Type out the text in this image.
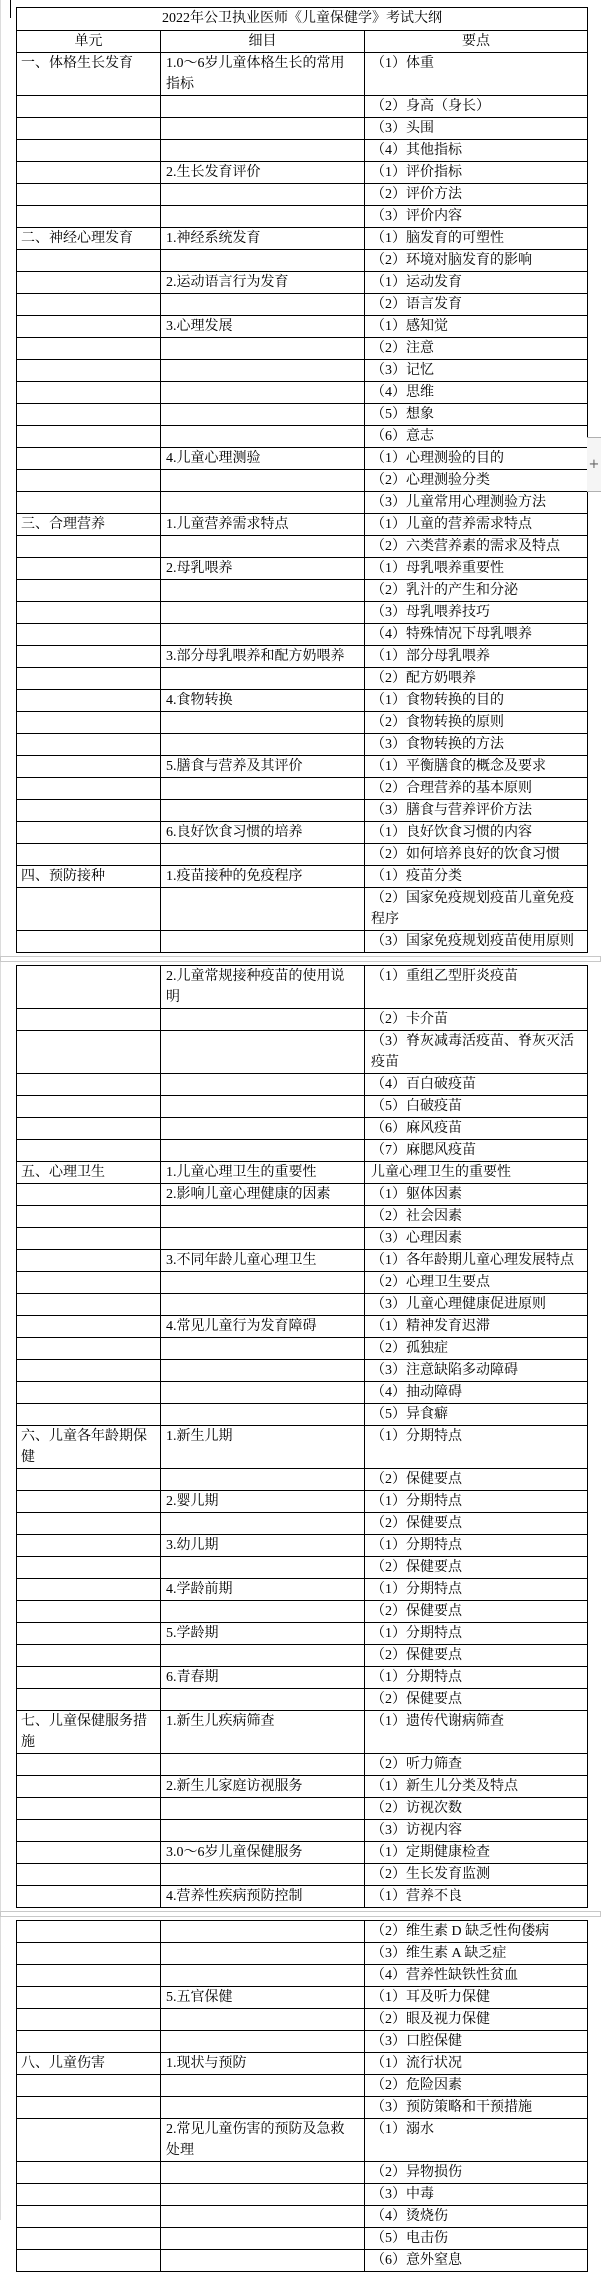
2022年公卫执业医师《儿童保健学》考试大纲		
单元	细目	要点
一、体格生长发育	1.0～6岁儿童体格生长的常用指标	（1）体重
		（2）身高（身长）
		（3）头围
		（4）其他指标
	2.生长发育评价	（1）评价指标
		（2）评价方法
		（3）评价内容
二、神经心理发育	1.神经系统发育	（1）脑发育的可塑性
		（2）环境对脑发育的影响
	2.运动语言行为发育	（1）运动发育
		（2）语言发育
	3.心理发展	（1）感知觉
		（2）注意
		（3）记忆
		（4）思维
		（5）想象
		（6）意志
	4.儿童心理测验	（1）心理测验的目的
		（2）心理测验分类
		（3）儿童常用心理测验方法
三、合理营养	1.儿童营养需求特点	（1）儿童的营养需求特点
		（2）六类营养素的需求及特点
	2.母乳喂养	（1）母乳喂养重要性
		（2）乳汁的产生和分泌
		（3）母乳喂养技巧
		（4）特殊情况下母乳喂养
	3.部分母乳喂养和配方奶喂养	（1）部分母乳喂养
		（2）配方奶喂养
	4.食物转换	（1）食物转换的目的
		（2）食物转换的原则
		（3）食物转换的方法
	5.膳食与营养及其评价	（1）平衡膳食的概念及要求
		（2）合理营养的基本原则
		（3）膳食与营养评价方法
	6.良好饮食习惯的培养	（1）良好饮食习惯的内容
		（2）如何培养良好的饮食习惯
四、预防接种	1.疫苗接种的免疫程序	（1）疫苗分类
		（2）国家免疫规划疫苗儿童免疫程序
		（3）国家免疫规划疫苗使用原则
	2.儿童常规接种疫苗的使用说明	（1）重组乙型肝炎疫苗
		（2）卡介苗
		（3）脊灰减毒活疫苗、脊灰灭活疫苗
		（4）百白破疫苗
		（5）白破疫苗
		（6）麻风疫苗
		（7）麻腮风疫苗
五、心理卫生	1.儿童心理卫生的重要性	儿童心理卫生的重要性
	2.影响儿童心理健康的因素	（1）躯体因素
		（2）社会因素
		（3）心理因素
	3.不同年龄儿童心理卫生	（1）各年龄期儿童心理发展特点
		（2）心理卫生要点
		（3）儿童心理健康促进原则
	4.常见儿童行为发育障碍	（1）精神发育迟滞
		（2）孤独症
		（3）注意缺陷多动障碍
		（4）抽动障碍
		（5）异食癖
六、儿童各年龄期保健	1.新生儿期	（1）分期特点
		（2）保健要点
	2.婴儿期	（1）分期特点
		（2）保健要点
	3.幼儿期	（1）分期特点
		（2）保健要点
	4.学龄前期	（1）分期特点
		（2）保健要点
	5.学龄期	（1）分期特点
		（2）保健要点
	6.青春期	（1）分期特点
		（2）保健要点
七、儿童保健服务措施	1.新生儿疾病筛查	（1）遗传代谢病筛查
		（2）听力筛查
	2.新生儿家庭访视服务	（1）新生儿分类及特点
		（2）访视次数
		（3）访视内容
	3.0～6岁儿童保健服务	（1）定期健康检查
		（2）生长发育监测
	4.营养性疾病预防控制	（1）营养不良
		（2）维生素 D 缺乏性佝偻病
		（3）维生素 A 缺乏症
		（4）营养性缺铁性贫血
	5.五官保健	（1）耳及听力保健
		（2）眼及视力保健
		（3）口腔保健
八、儿童伤害	1.现状与预防	（1）流行状况
		（2）危险因素
		（3）预防策略和干预措施
	2.常见儿童伤害的预防及急救处理	（1）溺水
		（2）异物损伤
		（3）中毒
		（4）烫烧伤
		（5）电击伤
		（6）意外窒息
+
